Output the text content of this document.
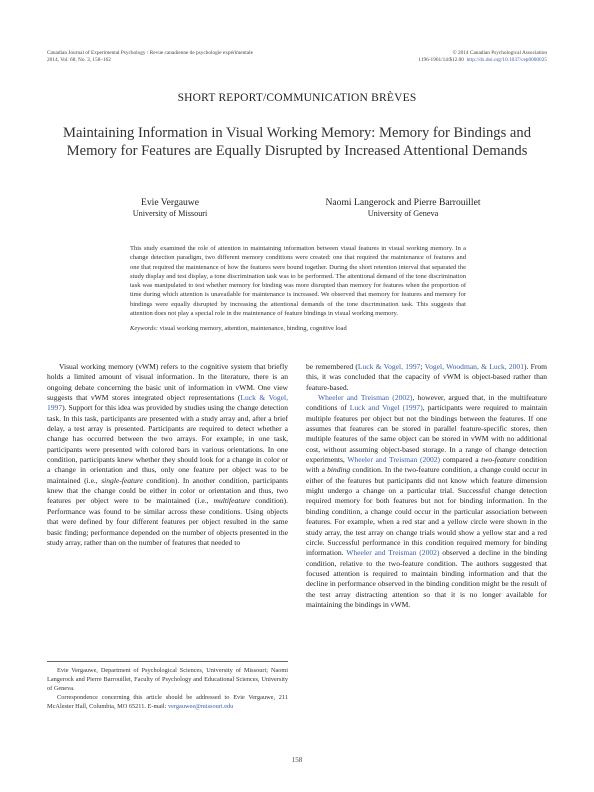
Canadian Journal of Experimental Psychology / Revue canadienne de psychologie expérimentale
2014, Vol. 68, No. 3, 158–162
© 2014 Canadian Psychological Association
1196-1961/14/$12.00 http://dx.doi.org/10.1037/cep0000025
SHORT REPORT/COMMUNICATION BRÈVES
Maintaining Information in Visual Working Memory: Memory for Bindings and Memory for Features are Equally Disrupted by Increased Attentional Demands
Evie Vergauwe
University of Missouri
Naomi Langerock and Pierre Barrouillet
University of Geneva
This study examined the role of attention in maintaining information between visual features in visual working memory. In a change detection paradigm, two different memory conditions were created: one that required the maintenance of features and one that required the maintenance of how the features were bound together. During the short retention interval that separated the study display and test display, a tone discrimination task was to be performed. The attentional demand of the tone discrimination task was manipulated to test whether memory for binding was more disrupted than memory for features when the proportion of time during which attention is unavailable for maintenance is increased. We observed that memory for features and memory for bindings were equally disrupted by increasing the attentional demands of the tone discrimination task. This suggests that attention does not play a special role in the maintenance of feature bindings in visual working memory.
Keywords: visual working memory, attention, maintenance, binding, cognitive load

Visual working memory (vWM) refers to the cognitive system that briefly holds a limited amount of visual information. In the literature, there is an ongoing debate concerning the basic unit of information in vWM. One view suggests that vWM stores integrated object representations (Luck & Vogel, 1997). Support for this idea was provided by studies using the change detection task. In this task, participants are presented with a study array and, after a brief delay, a test array is presented. Participants are required to detect whether a change has occurred between the two arrays. For example, in one task, participants were presented with colored bars in various orientations. In one condition, participants knew whether they should look for a change in color or a change in orientation and thus, only one feature per object was to be maintained (i.e., single-feature condition). In another condition, participants knew that the change could be either in color or orientation and thus, two features per object were to be maintained (i.e., multifeature condition). Performance was found to be similar across these conditions. Using objects that were defined by four different features per object resulted in the same basic finding; performance depended on the number of objects presented in the study array, rather than on the number of features that needed to

be remembered (Luck & Vogel, 1997; Vogel, Woodman, & Luck, 2001). From this, it was concluded that the capacity of vWM is object-based rather than feature-based.

Wheeler and Treisman (2002), however, argued that, in the multifeature conditions of Luck and Vogel (1997), participants were required to maintain multiple features per object but not the bindings between the features. If one assumes that features can be stored in parallel feature-specific stores, then multiple features of the same object can be stored in vWM with no additional cost, without assuming object-based storage. In a range of change detection experiments, Wheeler and Treisman (2002) compared a two-feature condition with a binding condition. In the two-feature condition, a change could occur in either of the features but participants did not know which feature dimension might undergo a change on a particular trial. Successful change detection required memory for both features but not for binding information. In the binding condition, a change could occur in the particular association between features. For example, when a red star and a yellow circle were shown in the study array, the test array on change trials would show a yellow star and a red circle. Successful performance in this condition required memory for binding information. Wheeler and Treisman (2002) observed a decline in the binding condition, relative to the two-feature condition. The authors suggested that focused attention is required to maintain binding information and that the decline in performance observed in the binding condition might be the result of the test array distracting attention so that it is no longer available for maintaining the bindings in vWM.

Evie Vergauwe, Department of Psychological Sciences, University of Missouri; Naomi Langerock and Pierre Barrouillet, Faculty of Psychology and Educational Sciences, University of Geneva.

Correspondence concerning this article should be addressed to Evie Vergauwe, 211 McAlester Hall, Columbia, MO 65211. E-mail: vergauwee@missouri.edu

158
